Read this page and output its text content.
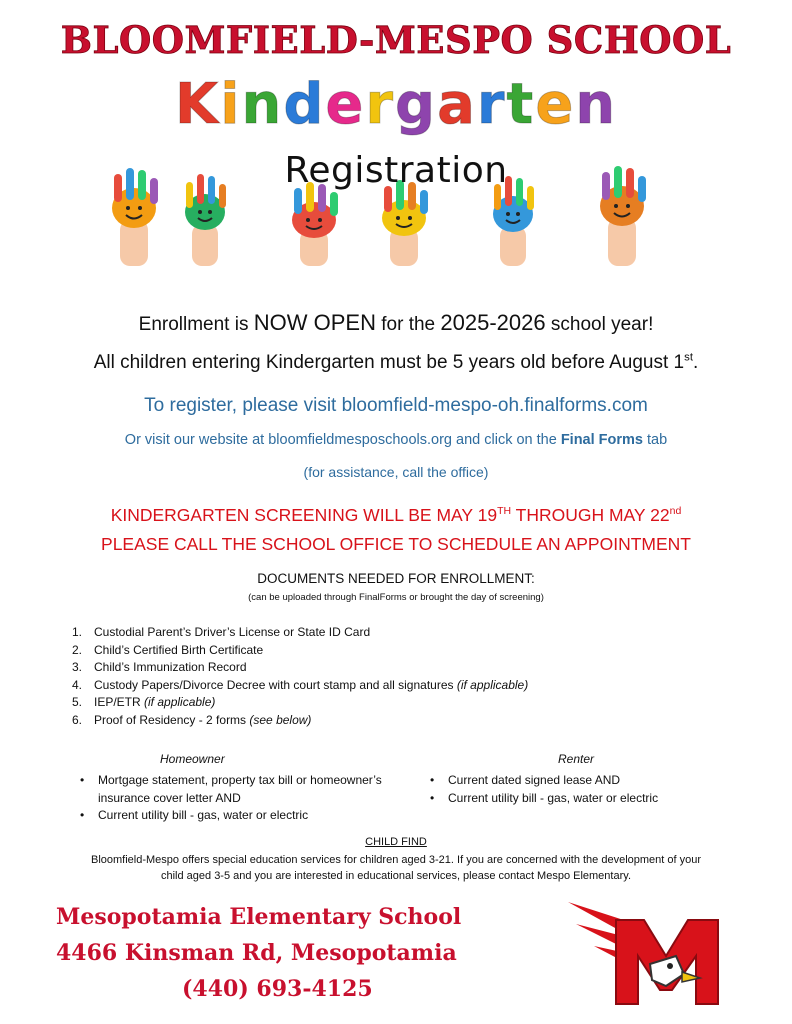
BLOOMFIELD-MESPO SCHOOL
Kindergarten
Registration
Enrollment is NOW OPEN for the 2025-2026 school year!
All children entering Kindergarten must be 5 years old before August 1st.
To register, please visit bloomfield-mespo-oh.finalforms.com
Or visit our website at bloomfieldmesposchools.org and click on the Final Forms tab
(for assistance, call the office)
KINDERGARTEN SCREENING WILL BE MAY 19TH THROUGH MAY 22nd
PLEASE CALL THE SCHOOL OFFICE TO SCHEDULE AN APPOINTMENT
DOCUMENTS NEEDED FOR ENROLLMENT:
(can be uploaded through FinalForms or brought the day of screening)
1. Custodial Parent’s Driver’s License or State ID Card
2. Child’s Certified Birth Certificate
3. Child’s Immunization Record
4. Custody Papers/Divorce Decree with court stamp and all signatures (if applicable)
5. IEP/ETR (if applicable)
6. Proof of Residency - 2 forms (see below)
Homeowner	Renter
• Mortgage statement, property tax bill or homeowner’s insurance cover letter AND
• Current utility bill - gas, water or electric
• Current dated signed lease AND
• Current utility bill - gas, water or electric
CHILD FIND
Bloomfield-Mespo offers special education services for children aged 3-21. If you are concerned with the development of your child aged 3-5 and you are interested in educational services, please contact Mespo Elementary.
Mesopotamia Elementary School
4466 Kinsman Rd, Mesopotamia
(440) 693-4125
